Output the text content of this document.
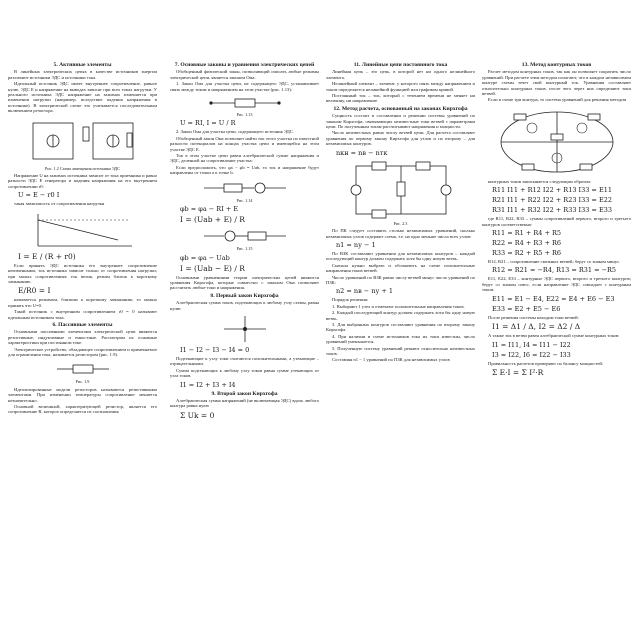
5. Активные элементы

В линейных электрических цепях в качестве источников энергии различают источники ЭДС и источники тока.

Идеальный источник ЭДС имеет внутреннее сопротивление, равное нулю. ЭДС E и напряжение на выводах зависят при всех токах нагрузки. У реального источника ЭДС напряжение на зажимах изменяется при изменении нагрузки (например, вследствие падения напряжения в источнике). В электрической схеме это учитывается последовательным включением резистора.

Рис. 1.2 Схема замещения источника ЭДС

Напряжение U на зажимах источника зависит от тока приемника и равно разности ЭДС E генератора и падения напряжения на его внутреннем сопротивлении r0:

U = E − r0 I

такая зависимость от сопротивления нагрузки

I = E / (R + r0)

Если принять ЭДС источника его внутреннее сопротивление неизменными, ток источника зависит только от сопротивления нагрузки; при малых сопротивлениях ток велик, режим близок к короткому замыканию.

E/R0 = I

называется режимом, близким к короткому замыканию; то можно принять что U=0.

Такой источник с внутренним сопротивлением r0 = 0 называют идеальным источником тока.

6. Пассивные элементы

Основными пассивными элементами электрической цепи являются резистивные, индуктивные и емкостные. Рассмотрим их основные характеристики при постоянном токе.

Электрическое устройство, обладающее сопротивлением и применяемое для ограничения тока, называется резистором (рис. 1.9).

Рис. 1.9

Идеализированные модели резисторов называются резистивными элементами. При изменении температуры сопротивление меняется незначительно.

Основной величиной, характеризующей резистор, является его сопротивление R, которое определяется из соотношения

7. Основные законы и уравнения электрических цепей

Обобщенный физический закон, позволяющий описать любые режимы электрической цепи, является законом Ома.

1. Закон Ома для участка цепи, не содержащего ЭДС, устанавливает связь между током и напряжением на этом участке (рис. 1.13):

Рис. 1.13
U = RI, I = U / R

2. Закон Ома для участка цепи, содержащего источник ЭДС.

Обобщенный закон Ома позволяет найти ток этого участка по известной разности потенциалов на концах участка цепи и имеющейся на этом участке ЭДС E.

Ток в этом участке цепи равен алгебраической сумме напряжения и ЭДС, деленной на сопротивление участка:

Если предположить, что φa − φb = Uab, то ток и напряжение будут направлены от точки a к точке b.

Рис. 1.14
φb = φa − RI + E
I = (Uab + E) / R
Рис. 1.15
φb = φa − Uab
I = (Uab − E) / R

Основными уравнениями теории электрических цепей являются уравнения Кирхгофа, которые совместно с законом Ома позволяют рассчитать любые токи и напряжения.

8. Первый закон Кирхгофа

Алгебраическая сумма токов, подтекающих к любому узлу схемы, равна нулю:

I1 − I2 − I3 − I4 = 0

Подтекающие к узлу токи считаются положительными, а утекающие – отрицательными.

Сумма подтекающих к любому узлу токов равна сумме утекающих от узла токов.

I1 = I2 + I3 + I4
9. Второй закон Кирхгофа

Алгебраическая сумма напряжений (не включающая ЭДС) вдоль любого контура равна нулю

Σ Uk = 0
11. Линейные цепи постоянного тока

Линейная цепь – это цепь, в которой нет ни одного нелинейного элемента.

Нелинейный элемент – элемент, у которого связь между напряжением и током определяется нелинейной функцией или графиком кривой.

Постоянный ток – ток, который с течением времени не меняет ни величину, ни направление.

12. Метод расчета, основанный на законах Кирхгофа

Сущность состоит в составлении и решении системы уравнений по законам Кирхгофа, связывающих неизвестные токи ветвей с параметрами цепи. По полученным токам рассчитывают напряжения и мощности.

Число неизвестных равно числу ветвей цепи. Для расчета составляют уравнения по первому закону Кирхгофа для узлов и по второму – для независимых контуров.

nкн = nв − nтк
Рис. 2.3

По ПК следует составить столько независимых уравнений, сколько независимых узлов содержит схема, т.е. на одно меньше числа всех узлов:

n1 = nу − 1

По ВЗК составляют уравнения для независимых контуров – каждый последующий контур должен содержать хотя бы одну новую ветвь.

Сначала нужно выбрать и обозначить на схеме положительные направления токов ветвей.

Число уравнений по ВЗК равно числу ветвей минус число уравнений по ПЗК:

n2 = nв − nу + 1

Порядок решения:

1. Выбирают 1 узел и отмечают положительные направления токов.

2. Каждый последующий контур должен содержать хотя бы одну новую ветвь.

3. Для выбранных контуров составляют уравнения по второму закону Кирхгофа.

4. При наличии в схеме источников тока их токи известны, число уравнений уменьшается.

5. Полученную систему уравнений решают относительно неизвестных токов.

Составляя n1 − 1 уравнений по ПЗК для независимых узлов

13. Метод контурных токов

Расчет методом контурных токов, так как он позволяет сократить число уравнений. При расчете этим методом полагают, что в каждом независимом контуре схемы течет свой контурный ток. Уравнения составляют относительно контурных токов, после чего через них определяют токи ветвей.

Если в схеме три контура, то система уравнений для решения методом

контурных токов записывается следующим образом:

R11 I11 + R12 I22 + R13 I33 = E11
R21 I11 + R22 I22 + R23 I33 = E22
R31 I11 + R32 I22 + R33 I33 = E33

где R11, R22, R33 – суммы сопротивлений первого, второго и третьего контуров соответственно:

R11 = R1 + R4 + R5
R22 = R4 + R3 + R6
R33 = R2 + R5 + R6

R12, R21 – сопротивление смежных ветвей; берут со знаком минус.

R12 = R21 = −R4, R13 = R31 = −R5

E11, E22, E33 – контурные ЭДС первого, второго и третьего контуров; берут со знаком плюс, если направление ЭДС совпадает с контурным током.

E11 = E1 − E4, E22 = E4 + E6 − E3
E33 = E2 + E5 − E6

После решения системы находим токи ветвей:

I1 = Δ1 / Δ, I2 = Δ2 / Δ

А также ток в ветви равен алгебраической сумме контурных токов:

I1 = I11, I4 = I11 − I22
I3 = I22, I6 = I22 − I33

Правильность расчетов проверяют по балансу мощностей:

Σ E·I = Σ I²·R
